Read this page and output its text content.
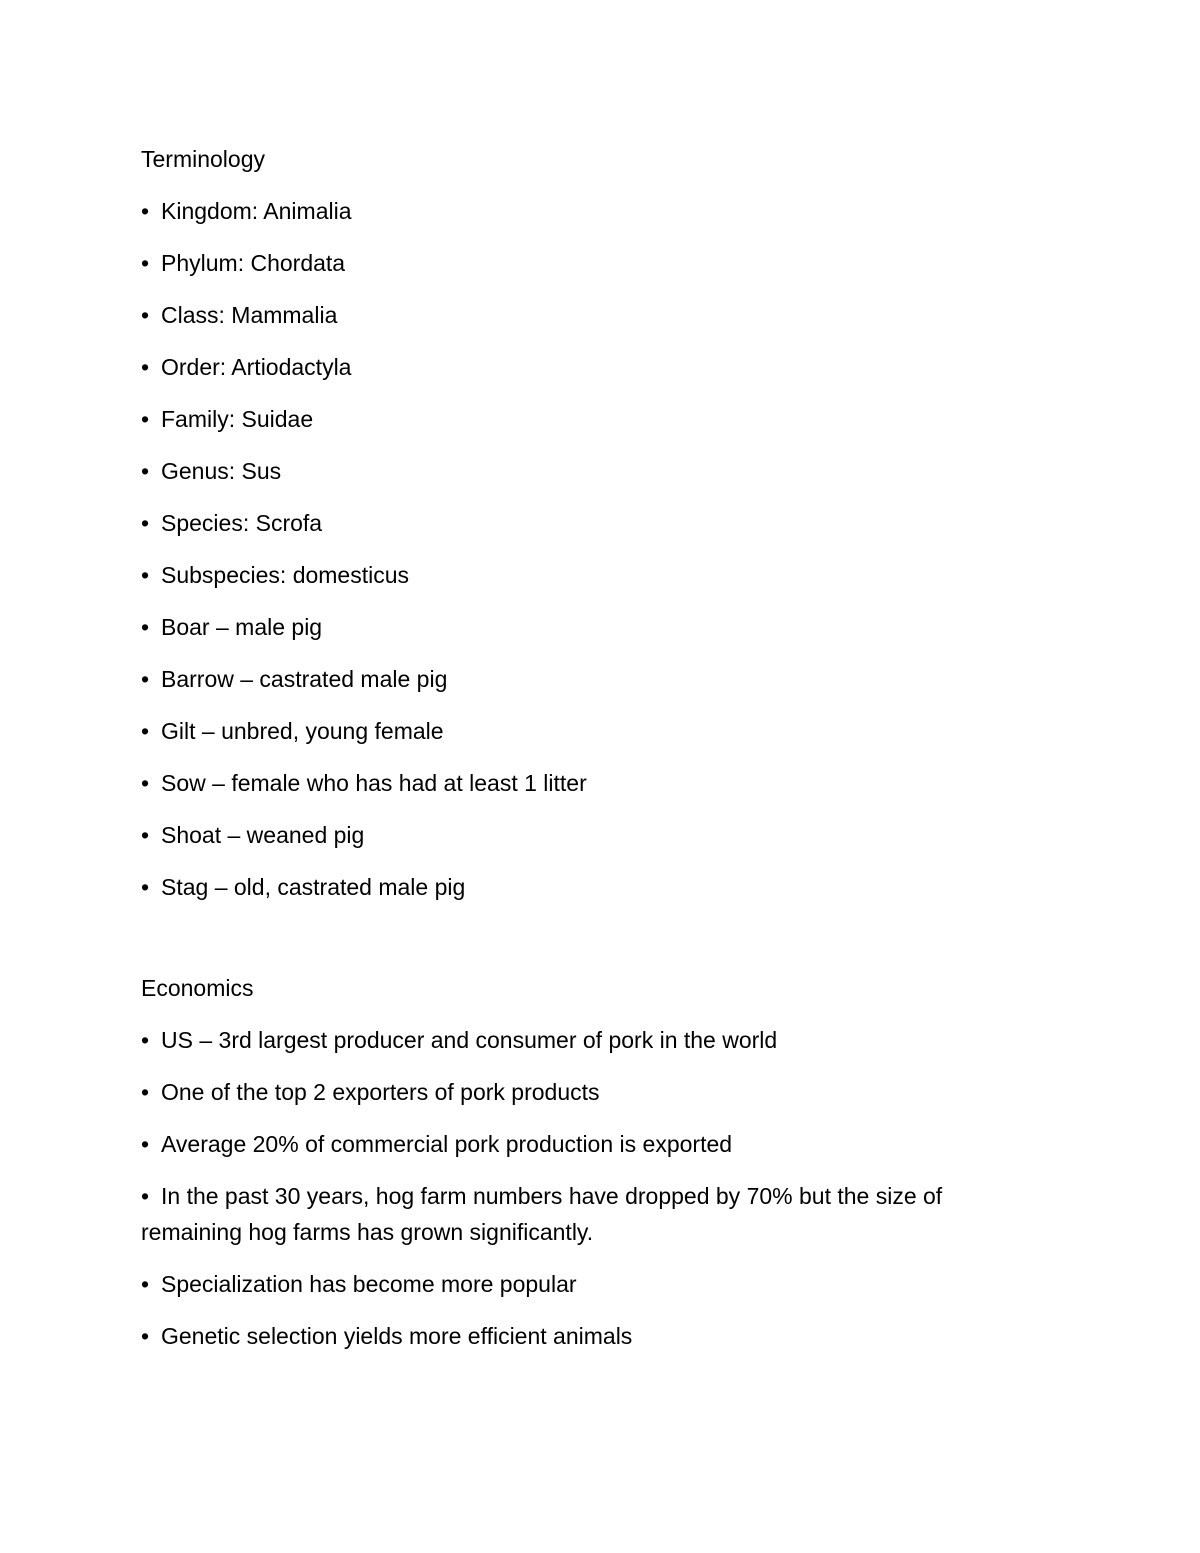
Terminology
• Kingdom: Animalia
• Phylum: Chordata
• Class: Mammalia
• Order: Artiodactyla
• Family: Suidae
• Genus: Sus
• Species: Scrofa
• Subspecies: domesticus
• Boar – male pig
• Barrow – castrated male pig
• Gilt – unbred, young female
• Sow – female who has had at least 1 litter
• Shoat – weaned pig
• Stag – old, castrated male pig
Economics
• US – 3rd largest producer and consumer of pork in the world
• One of the top 2 exporters of pork products
• Average 20% of commercial pork production is exported
• In the past 30 years, hog farm numbers have dropped by 70% but the size of remaining hog farms has grown significantly.
• Specialization has become more popular
• Genetic selection yields more efficient animals
